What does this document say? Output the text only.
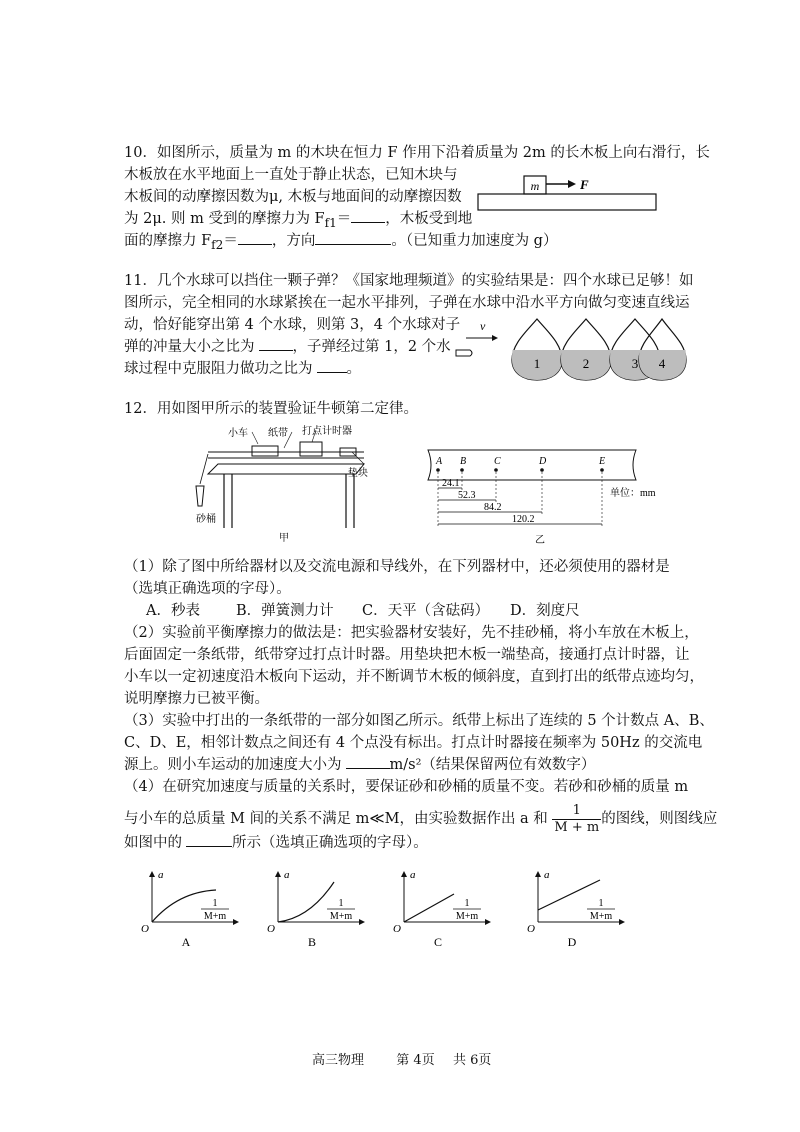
10．如图所示，质量为 m 的木块在恒力 F 作用下沿着质量为 2m 的长木板上向右滑行，长
木板放在水平地面上一直处于静止状态，已知木块与
木板间的动摩擦因数为μ, 木板与地面间的动摩擦因数
为 2μ. 则 m 受到的摩擦力为 $F_{f1}=$ ，木板受到地
面的摩擦力 $F_{f2}=$ ，方向	。（已知重力加速度为 g）
m	F
11．几个水球可以挡住一颗子弹？《国家地理频道》的实验结果是：四个水球已足够！如
图所示，完全相同的水球紧挨在一起水平排列，子弹在水球中沿水平方向做匀变速直线运
动，恰好能穿出第 4 个水球，则第 3，4 个水球对子
弹的冲量大小之比为	，子弹经过第 1，2 个水
球过程中克服阻力做功之比为 。
v
1	2	3 4
12．用如图甲所示的装置验证牛顿第二定律。
小车 纸带 打点计时器
垫块
砂桶
甲
A B	C	D	E
24.1
52.3
84.2
120.2
单位：mm
乙
（1）除了图中所给器材以及交流电源和导线外，在下列器材中，还必须使用的器材是
（选填正确选项的字母）。
A．秒表 B．弹簧测力计 C．天平（含砝码） D．刻度尺
（2）实验前平衡摩擦力的做法是：把实验器材安装好，先不挂砂桶，将小车放在木板上，
后面固定一条纸带，纸带穿过打点计时器。用垫块把木板一端垫高，接通打点计时器，让
小车以一定初速度沿木板向下运动，并不断调节木板的倾斜度，直到打出的纸带点迹均匀，
说明摩擦力已被平衡。
（3）实验中打出的一条纸带的一部分如图乙所示。纸带上标出了连续的 5 个计数点 A、B、
C、D、E，相邻计数点之间还有 4 个点没有标出。打点计时器接在频率为 50Hz 的交流电
源上。则小车运动的加速度大小为	m/s²（结果保留两位有效数字）
（4）在研究加速度与质量的关系时，要保证砂和砂桶的质量不变。若砂和砂桶的质量 m
与小车的总质量 M 间的关系不满足 m≪M，由实验数据作出 a 和 $\frac{1}{M + m}$ 的图线，则图线应
如图中的	所示（选填正确选项的字母）。
a
O
1
M+m
A
a
O
1
M+m
B
a
O
1
M+m
C
a
O
1
M+m
D
高三物理 第 4页 共 6页
